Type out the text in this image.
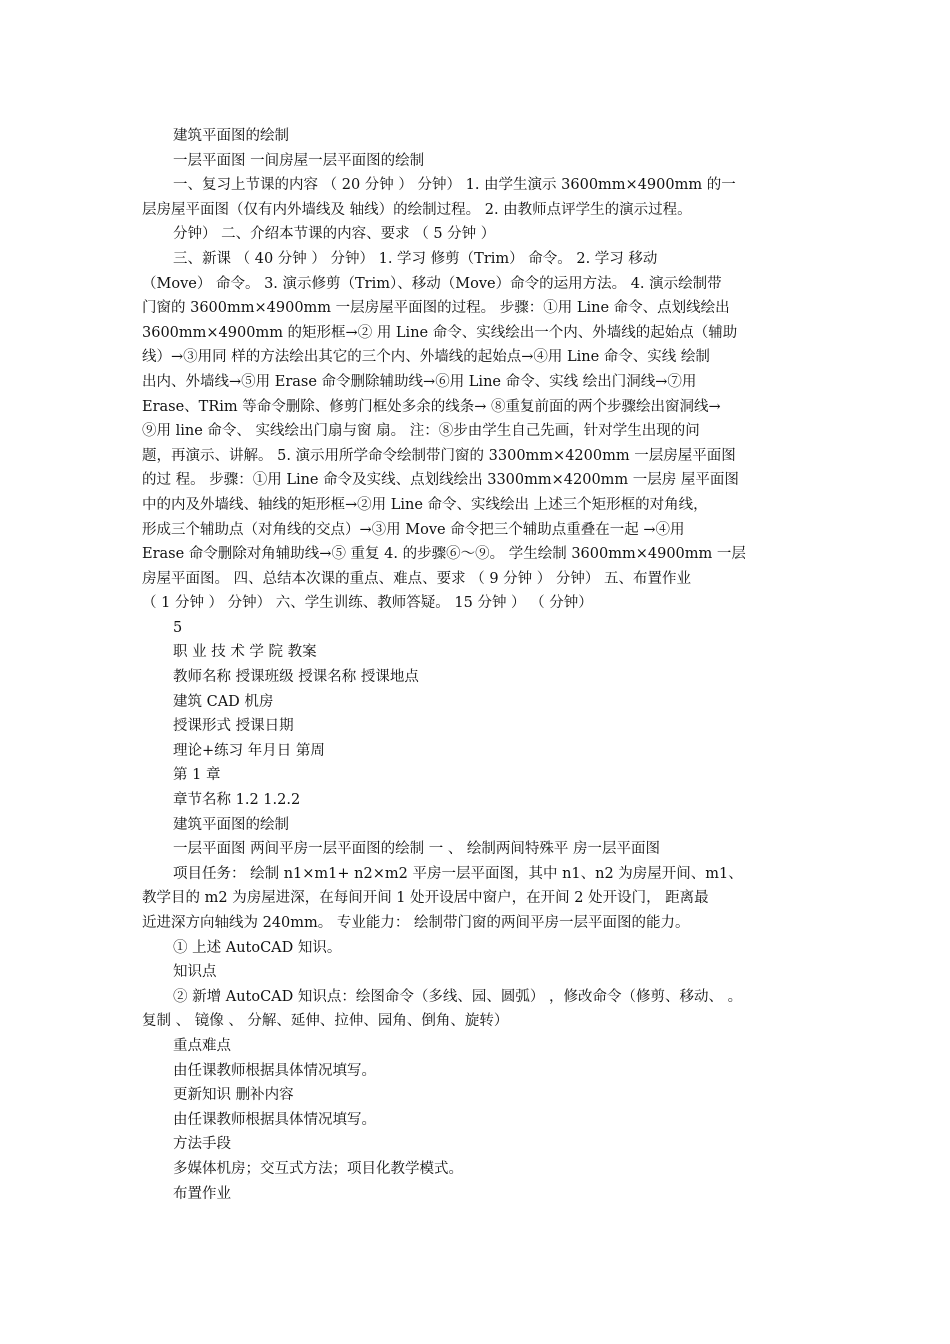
建筑平面图的绘制
一层平面图 一间房屋一层平面图的绘制
一、复习上节课的内容 （ 20 分钟 ） 分钟） 1. 由学生演示 3600mm×4900mm 的一
层房屋平面图（仅有内外墙线及 轴线）的绘制过程。 2. 由教师点评学生的演示过程。
分钟） 二、介绍本节课的内容、要求 （ 5 分钟 ）
三、新课 （ 40 分钟 ） 分钟） 1. 学习 修剪（Trim） 命令。 2. 学习 移动
（Move） 命令。 3. 演示修剪（Trim）、移动（Move）命令的运用方法。 4. 演示绘制带
门窗的 3600mm×4900mm 一层房屋平面图的过程。 步骤：①用 Line 命令、点划线绘出
3600mm×4900mm 的矩形框→② 用 Line 命令、实线绘出一个内、外墙线的起始点（辅助
线）→③用同 样的方法绘出其它的三个内、外墙线的起始点→④用 Line 命令、实线 绘制
出内、外墙线→⑤用 Erase 命令删除辅助线→⑥用 Line 命令、实线 绘出门洞线→⑦用
Erase、TRim 等命令删除、修剪门框处多余的线条→ ⑧重复前面的两个步骤绘出窗洞线→
⑨用 line 命令、 实线绘出门扇与窗 扇。 注：⑧步由学生自己先画，针对学生出现的问
题，再演示、讲解。 5. 演示用所学命令绘制带门窗的 3300mm×4200mm 一层房屋平面图
的过 程。 步骤：①用 Line 命令及实线、点划线绘出 3300mm×4200mm 一层房 屋平面图
中的内及外墙线、轴线的矩形框→②用 Line 命令、实线绘出 上述三个矩形框的对角线，
形成三个辅助点（对角线的交点）→③用 Move 命令把三个辅助点重叠在一起 →④用
Erase 命令删除对角辅助线→⑤ 重复 4. 的步骤⑥～⑨。 学生绘制 3600mm×4900mm 一层
房屋平面图。 四、总结本次课的重点、难点、要求 （ 9 分钟 ） 分钟） 五、布置作业
（ 1 分钟 ） 分钟） 六、学生训练、教师答疑。 15 分钟 ） （ 分钟）
5
职 业 技 术 学 院 教案
教师名称 授课班级 授课名称 授课地点
建筑 CAD 机房
授课形式 授课日期
理论+练习 年月日 第周
第 1 章
章节名称 1.2 1.2.2
建筑平面图的绘制
一层平面图 两间平房一层平面图的绘制 一 、 绘制两间特殊平 房一层平面图
项目任务： 绘制 n1×m1+ n2×m2 平房一层平面图，其中 n1、n2 为房屋开间、m1、
教学目的 m2 为房屋进深，在每间开间 1 处开设居中窗户，在开间 2 处开设门， 距离最
近进深方向轴线为 240mm。 专业能力： 绘制带门窗的两间平房一层平面图的能力。
① 上述 AutoCAD 知识。
知识点
② 新增 AutoCAD 知识点：绘图命令（多线、园、圆弧） ，修改命令（修剪、移动、 。
复制 、 镜像 、 分解、延伸、拉伸、园角、倒角、旋转）
重点难点
由任课教师根据具体情况填写。
更新知识 删补内容
由任课教师根据具体情况填写。
方法手段
多媒体机房；交互式方法；项目化教学模式。
布置作业
